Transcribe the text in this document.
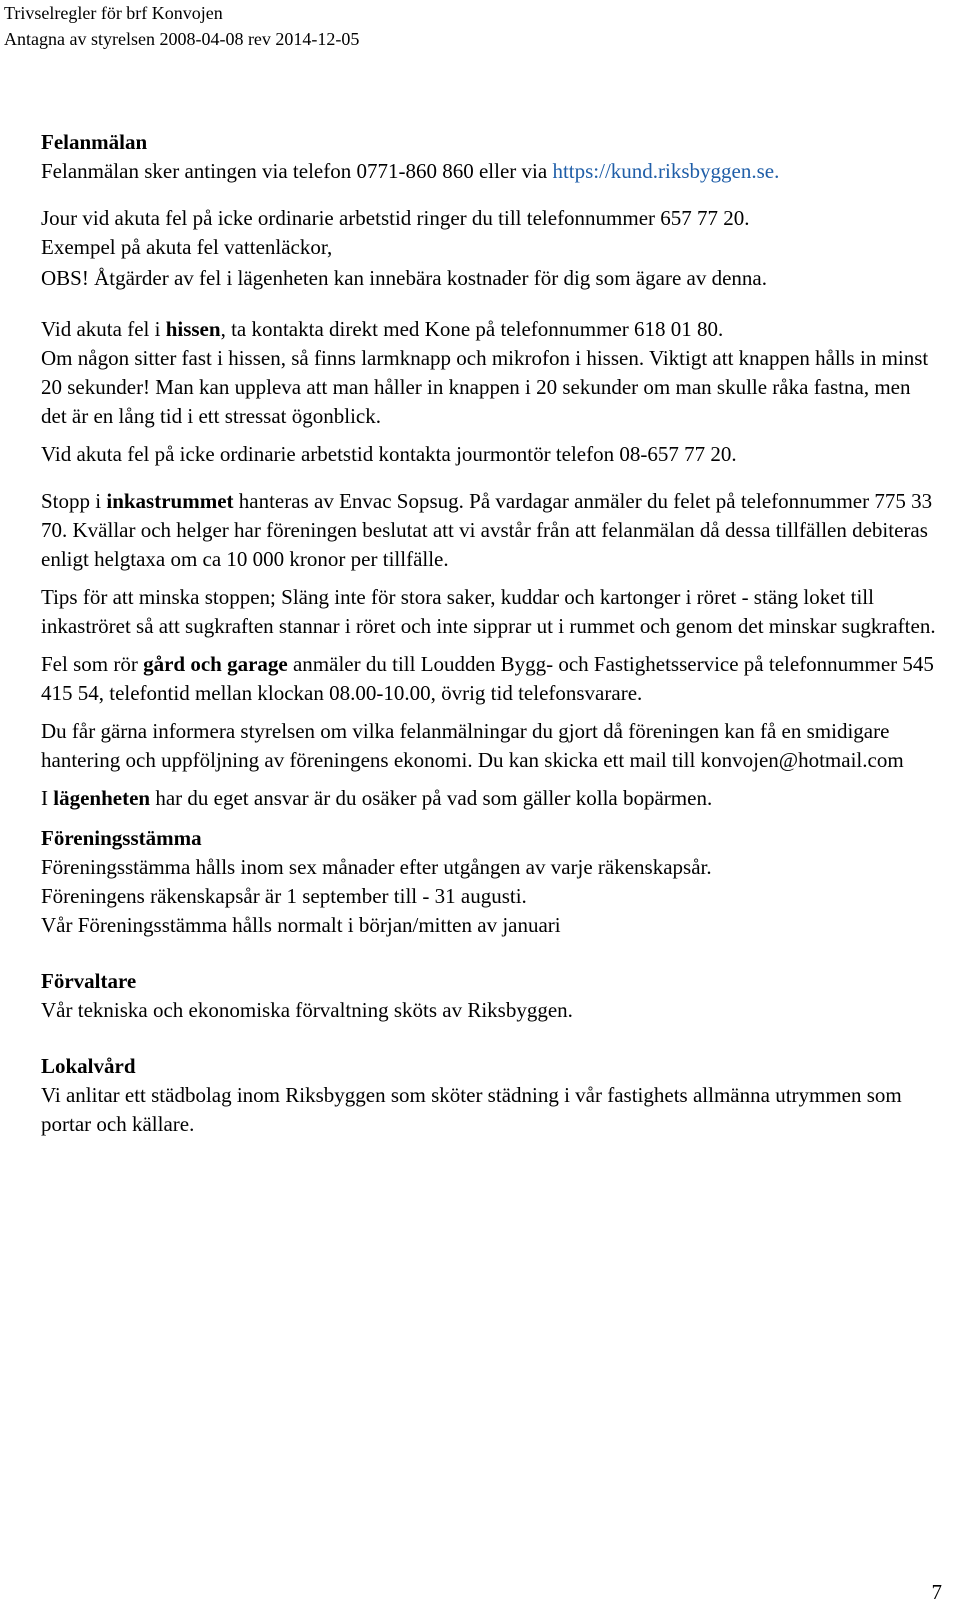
Trivselregler för brf Konvojen
Antagna av styrelsen 2008-04-08 rev 2014-12-05

Felanmälan

Felanmälan sker antingen via telefon 0771-860 860 eller via https://kund.riksbyggen.se.

Jour vid akuta fel på icke ordinarie arbetstid ringer du till telefonnummer 657 77 20.

Exempel på akuta fel vattenläckor,

OBS! Åtgärder av fel i lägenheten kan innebära kostnader för dig som ägare av denna.

Vid akuta fel i hissen, ta kontakta direkt med Kone på telefonnummer 618 01 80.

Om någon sitter fast i hissen, så finns larmknapp och mikrofon i hissen. Viktigt att knappen hålls in minst 20 sekunder! Man kan uppleva att man håller in knappen i 20 sekunder om man skulle råka fastna, men det är en lång tid i ett stressat ögonblick.

Vid akuta fel på icke ordinarie arbetstid kontakta jourmontör telefon 08-657 77 20.

Stopp i inkastrummet hanteras av Envac Sopsug. På vardagar anmäler du felet på telefonnummer 775 33 70. Kvällar och helger har föreningen beslutat att vi avstår från att felanmälan då dessa tillfällen debiteras enligt helgtaxa om ca 10 000 kronor per tillfälle.

Tips för att minska stoppen; Släng inte för stora saker, kuddar och kartonger i röret - stäng loket till inkaströret så att sugkraften stannar i röret och inte sipprar ut i rummet och genom det minskar sugkraften.

Fel som rör gård och garage anmäler du till Loudden Bygg- och Fastighetsservice på telefonnummer 545 415 54, telefontid mellan klockan 08.00-10.00, övrig tid telefonsvarare.

Du får gärna informera styrelsen om vilka felanmälningar du gjort då föreningen kan få en smidigare hantering och uppföljning av föreningens ekonomi. Du kan skicka ett mail till konvojen@hotmail.com

I lägenheten har du eget ansvar är du osäker på vad som gäller kolla bopärmen.

Föreningsstämma

Föreningsstämma hålls inom sex månader efter utgången av varje räkenskapsår.

Föreningens räkenskapsår är 1 september till - 31 augusti.

Vår Föreningsstämma hålls normalt i början/mitten av januari

Förvaltare

Vår tekniska och ekonomiska förvaltning sköts av Riksbyggen.

Lokalvård

Vi anlitar ett städbolag inom Riksbyggen som sköter städning i vår fastighets allmänna utrymmen som portar och källare.

7
